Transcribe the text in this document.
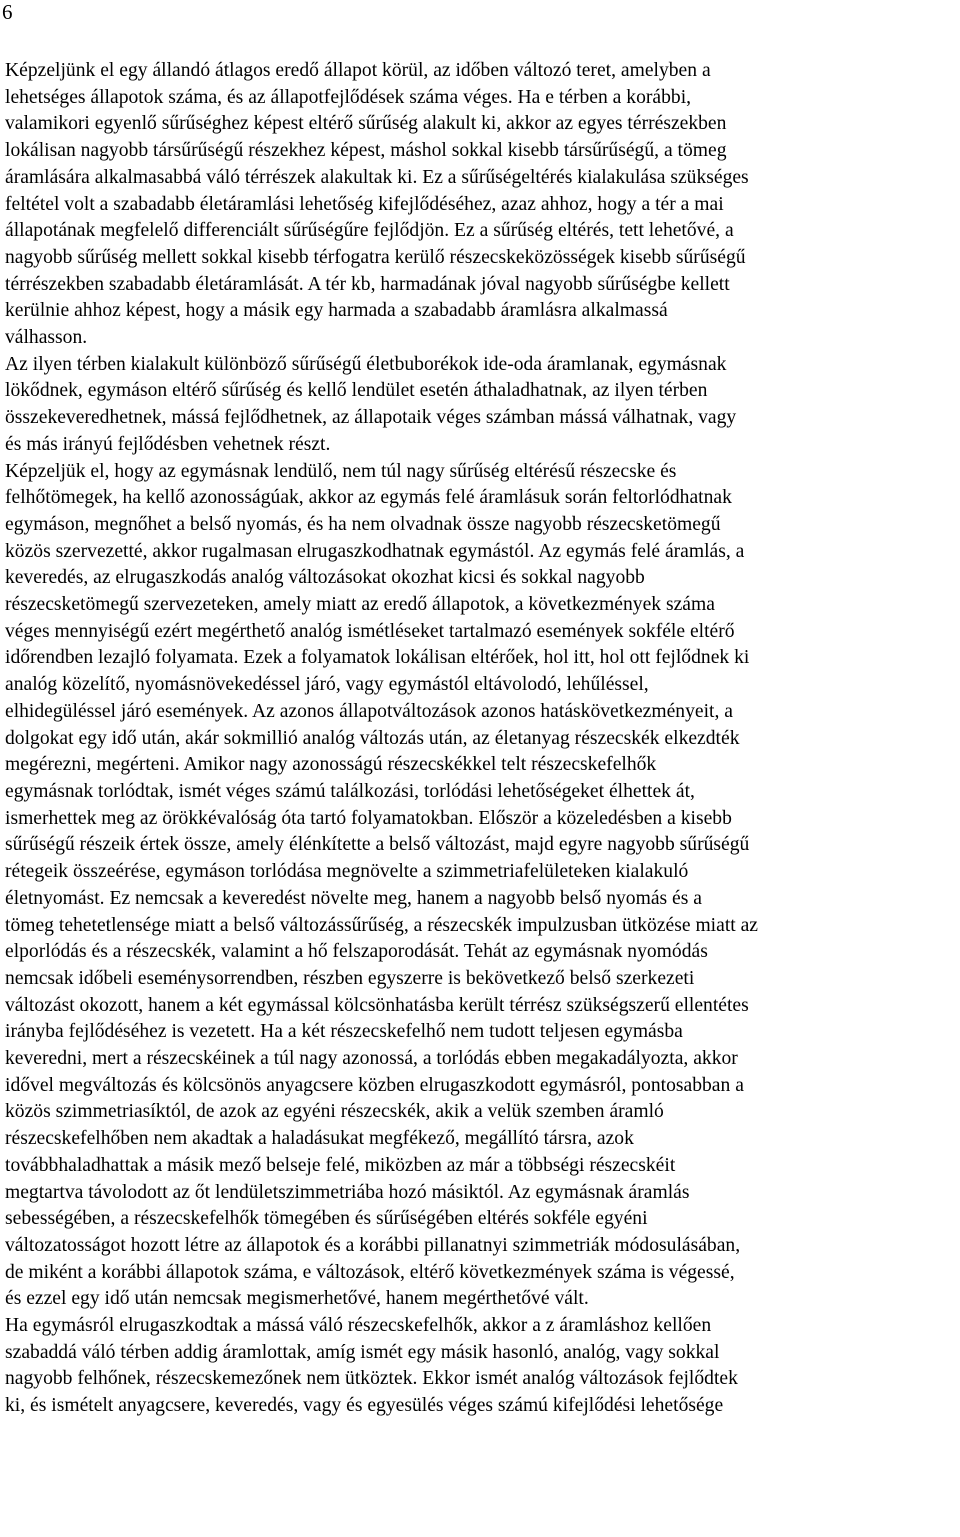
6
Képzeljünk el egy állandó átlagos eredő állapot körül, az időben változó teret, amelyben a
lehetséges állapotok száma, és az állapotfejlődések száma véges. Ha e térben a korábbi,
valamikori egyenlő sűrűséghez képest eltérő sűrűség alakult ki, akkor az egyes térrészekben
lokálisan nagyobb társűrűségű részekhez képest, máshol sokkal kisebb társűrűségű, a tömeg
áramlására alkalmasabbá váló térrészek alakultak ki. Ez a sűrűségeltérés kialakulása szükséges
feltétel volt a szabadabb életáramlási lehetőség kifejlődéséhez, azaz ahhoz, hogy a tér a mai
állapotának megfelelő differenciált sűrűségűre fejlődjön. Ez a sűrűség eltérés, tett lehetővé, a
nagyobb sűrűség mellett sokkal kisebb térfogatra kerülő részecskeközösségek kisebb sűrűségű
térrészekben szabadabb életáramlását. A tér kb, harmadának jóval nagyobb sűrűségbe kellett
kerülnie ahhoz képest, hogy a másik egy harmada a szabadabb áramlásra alkalmassá
válhasson.
Az ilyen térben kialakult különböző sűrűségű életbuborékok ide-oda áramlanak, egymásnak
lökődnek, egymáson eltérő sűrűség és kellő lendület esetén áthaladhatnak, az ilyen térben
összekeveredhetnek, mássá fejlődhetnek, az állapotaik véges számban mássá válhatnak, vagy
és más irányú fejlődésben vehetnek részt.
Képzeljük el, hogy az egymásnak lendülő, nem túl nagy sűrűség eltérésű részecske és
felhőtömegek, ha kellő azonosságúak, akkor az egymás felé áramlásuk során feltorlódhatnak
egymáson, megnőhet a belső nyomás, és ha nem olvadnak össze nagyobb részecsketömegű
közös szervezetté, akkor rugalmasan elrugaszkodhatnak egymástól. Az egymás felé áramlás, a
keveredés, az elrugaszkodás analóg változásokat okozhat kicsi és sokkal nagyobb
részecsketömegű szervezeteken, amely miatt az eredő állapotok, a következmények száma
véges mennyiségű ezért megérthető analóg ismétléseket tartalmazó események sokféle eltérő
időrendben lezajló folyamata. Ezek a folyamatok lokálisan eltérőek, hol itt, hol ott fejlődnek ki
analóg közelítő, nyomásnövekedéssel járó, vagy egymástól eltávolodó, lehűléssel,
elhidegüléssel járó események. Az azonos állapotváltozások azonos hatáskövetkezményeit, a
dolgokat egy idő után, akár sokmillió analóg változás után, az életanyag részecskék elkezdték
megérezni, megérteni. Amikor nagy azonosságú részecskékkel telt részecskefelhők
egymásnak torlódtak, ismét véges számú találkozási, torlódási lehetőségeket élhettek át,
ismerhettek meg az örökkévalóság óta tartó folyamatokban. Először a közeledésben a kisebb
sűrűségű részeik értek össze, amely élénkítette a belső változást, majd egyre nagyobb sűrűségű
rétegeik összeérése, egymáson torlódása megnövelte a szimmetriafelületeken kialakuló
életnyomást. Ez nemcsak a keveredést növelte meg, hanem a nagyobb belső nyomás és a
tömeg tehetetlensége miatt a belső változássűrűség, a részecskék impulzusban ütközése miatt az
elporlódás és a részecskék, valamint a hő felszaporodását. Tehát az egymásnak nyomódás
nemcsak időbeli eseménysorrendben, részben egyszerre is bekövetkező belső szerkezeti
változást okozott, hanem a két egymással kölcsönhatásba került térrész szükségszerű ellentétes
irányba fejlődéséhez is vezetett. Ha a két részecskefelhő nem tudott teljesen egymásba
keveredni, mert a részecskéinek a túl nagy azonossá, a torlódás ebben megakadályozta, akkor
idővel megváltozás és kölcsönös anyagcsere közben elrugaszkodott egymásról, pontosabban a
közös szimmetriasíktól, de azok az egyéni részecskék, akik a velük szemben áramló
részecskefelhőben nem akadtak a haladásukat megfékező, megállító társra, azok
továbbhaladhattak a másik mező belseje felé, miközben az már a többségi részecskéit
megtartva távolodott az őt lendületszimmetriába hozó másiktól. Az egymásnak áramlás
sebességében, a részecskefelhők tömegében és sűrűségében eltérés sokféle egyéni
változatosságot hozott létre az állapotok és a korábbi pillanatnyi szimmetriák módosulásában,
de miként a korábbi állapotok száma, e változások, eltérő következmények száma is végessé,
és ezzel egy idő után nemcsak megismerhetővé, hanem megérthetővé vált.
Ha egymásról elrugaszkodtak a mássá váló részecskefelhők, akkor a z áramláshoz kellően
szabaddá váló térben addig áramlottak, amíg ismét egy másik hasonló, analóg, vagy sokkal
nagyobb felhőnek, részecskemezőnek nem ütköztek. Ekkor ismét analóg változások fejlődtek
ki, és ismételt anyagcsere, keveredés, vagy és egyesülés véges számú kifejlődési lehetősége
